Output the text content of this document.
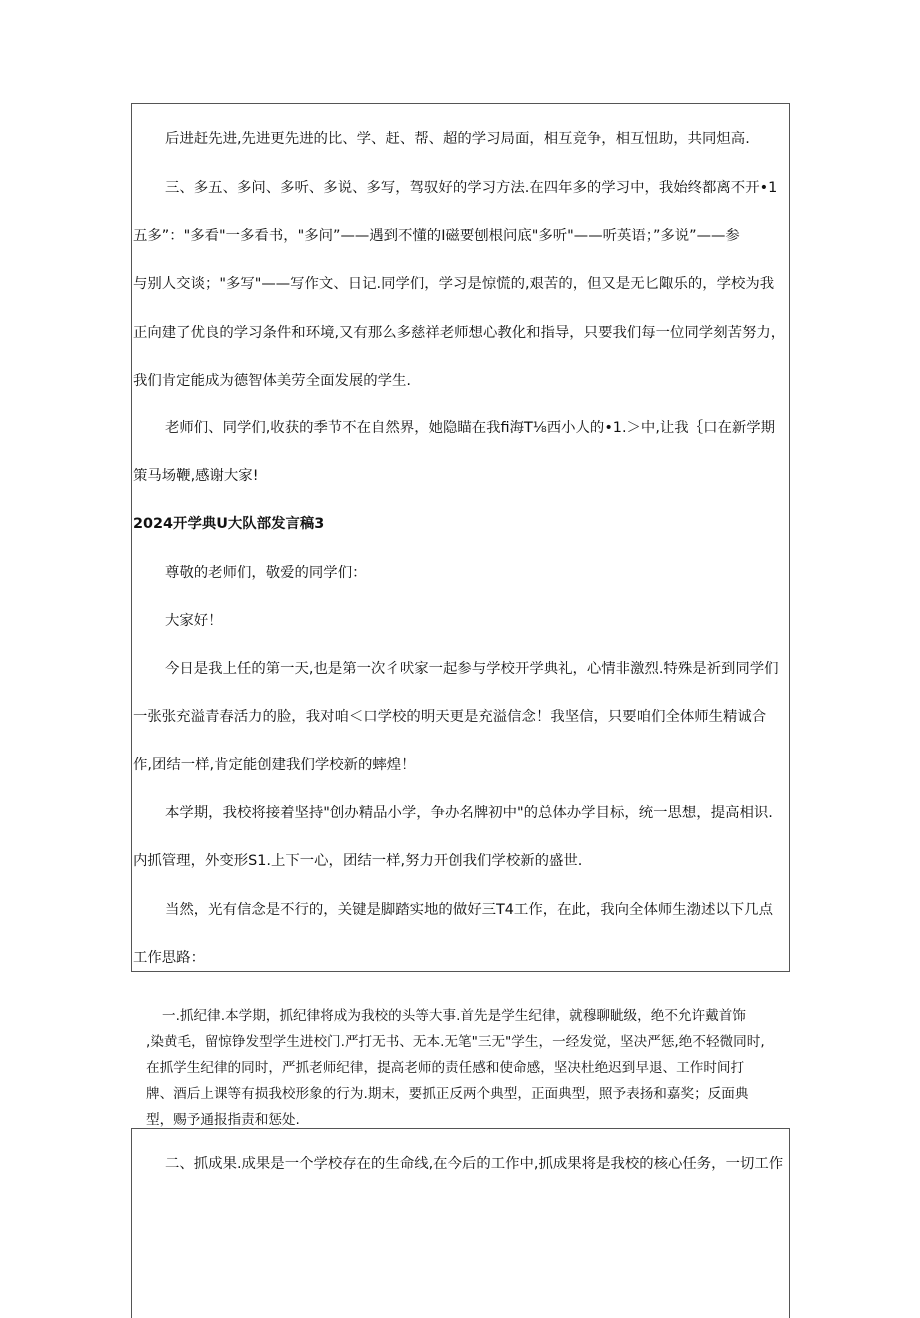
后进赶先进,先进更先进的比、学、赶、帮、超的学习局面，相互竞争，相互忸助，共同炟高.

三、多五、多问、多听、多说、多写，驾驭好的学习方法.在四年多的学习中，我始终都离不开•1

五多”："多看"一多看书，"多问”——遇到不懂的I磁要刨根问底"多听"——听英语；”多说”——参

与别人交谈；"多写"——写作文、日记.同学们，学习是惊慌的,艰苦的，但又是无匕陬乐的，学校为我

正向建了优良的学习条件和环境,又有那么多慈祥老师想心教化和指导，只要我们每一位同学刻苦努力，

我们肯定能成为德智体美劳全面发展的学生.

老师们、同学们,收获的季节不在自然界，她隐瞄在我fi海T⅛西小人的•1.＞中,让我｛口在新学期

策马场鞭,感谢大家!

2024开学典U大队部发言稿3

尊敬的老师们，敬爱的同学们：

大家好！

今日是我上任的第一天,也是第一次彳吠家一起参与学校开学典礼，心情非激烈.特殊是祈到同学们

一张张充溢青春活力的脸，我对咱＜口学校的明天更是充溢信念！我坚信，只要咱们全体师生精诚合

作,团结一样,肯定能创建我们学校新的蟀煌！

本学期，我校将接着坚持"创办精品小学，争办名牌初中"的总体办学目标，统一思想，提高相识.

内抓管理，外变形S1.上下一心，团结一样,努力开创我们学校新的盛世.

当然，光有信念是不行的，关键是脚踏实地的做好三T4工作，在此，我向全体师生渤述以下几点

工作思路：

一.抓纪律.本学期，抓纪律将成为我校的头等大事.首先是学生纪律，就穆聊眦级，绝不允许戴首饰
,染黄毛，留惊铮发型学生进校门.严打无书、无本.无笔"三无"学生，一经发觉，坚决严惩,绝不轻微同时,
在抓学生纪律的同时，严抓老师纪律，提高老师的责任感和使命感，坚决杜绝迟到早退、工作时间打
牌、酒后上课等有损我校形象的行为.期末，要抓正反两个典型，正面典型，照予表扬和嘉奖；反面典
型，赐予通报指责和惩处.

二、抓成果.成果是一个学校存在的生命线,在今后的工作中,抓成果将是我校的核心任务，一切工作
